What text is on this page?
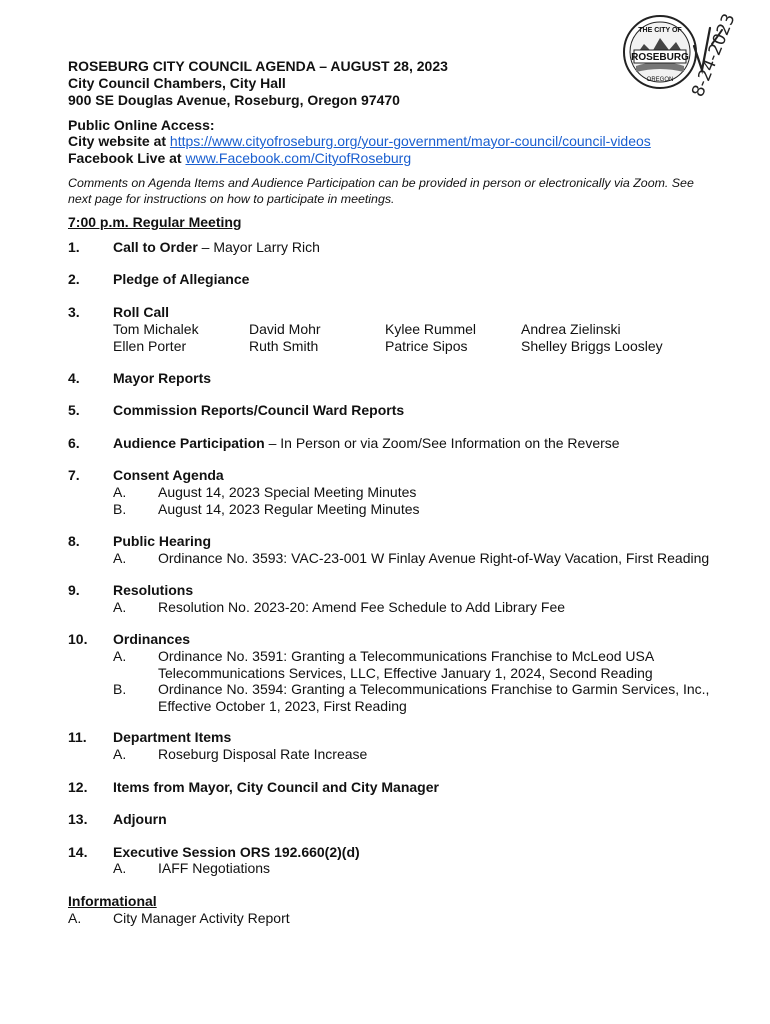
ROSEBURG
THE CITY OF
OREGON 8-24-2023
ROSEBURG CITY COUNCIL AGENDA – AUGUST 28, 2023
City Council Chambers, City Hall
900 SE Douglas Avenue, Roseburg, Oregon 97470
Public Online Access:
City website at https://www.cityofroseburg.org/your-government/mayor-council/council-videos
Facebook Live at www.Facebook.com/CityofRoseburg
Comments on Agenda Items and Audience Participation can be provided in person or electronically via Zoom. See next page for instructions on how to participate in meetings.
7:00 p.m. Regular Meeting
1. Call to Order – Mayor Larry Rich
2. Pledge of Allegiance
3. Roll Call
Tom Michalek	David Mohr	Kylee Rummel	Andrea Zielinski
Ellen Porter	Ruth Smith	Patrice Sipos	Shelley Briggs Loosley
4. Mayor Reports
5. Commission Reports/Council Ward Reports
6. Audience Participation – In Person or via Zoom/See Information on the Reverse
7. Consent Agenda
A. August 14, 2023 Special Meeting Minutes
B. August 14, 2023 Regular Meeting Minutes
8. Public Hearing
A. Ordinance No. 3593: VAC-23-001 W Finlay Avenue Right-of-Way Vacation, First Reading
9. Resolutions
A. Resolution No. 2023-20: Amend Fee Schedule to Add Library Fee
10. Ordinances
A. Ordinance No. 3591: Granting a Telecommunications Franchise to McLeod USA
Telecommunications Services, LLC, Effective January 1, 2024, Second Reading
B. Ordinance No. 3594: Granting a Telecommunications Franchise to Garmin Services, Inc.,
Effective October 1, 2023, First Reading
11. Department Items
A. Roseburg Disposal Rate Increase
12. Items from Mayor, City Council and City Manager
13. Adjourn
14. Executive Session ORS 192.660(2)(d)
A. IAFF Negotiations
Informational
A. City Manager Activity Report
